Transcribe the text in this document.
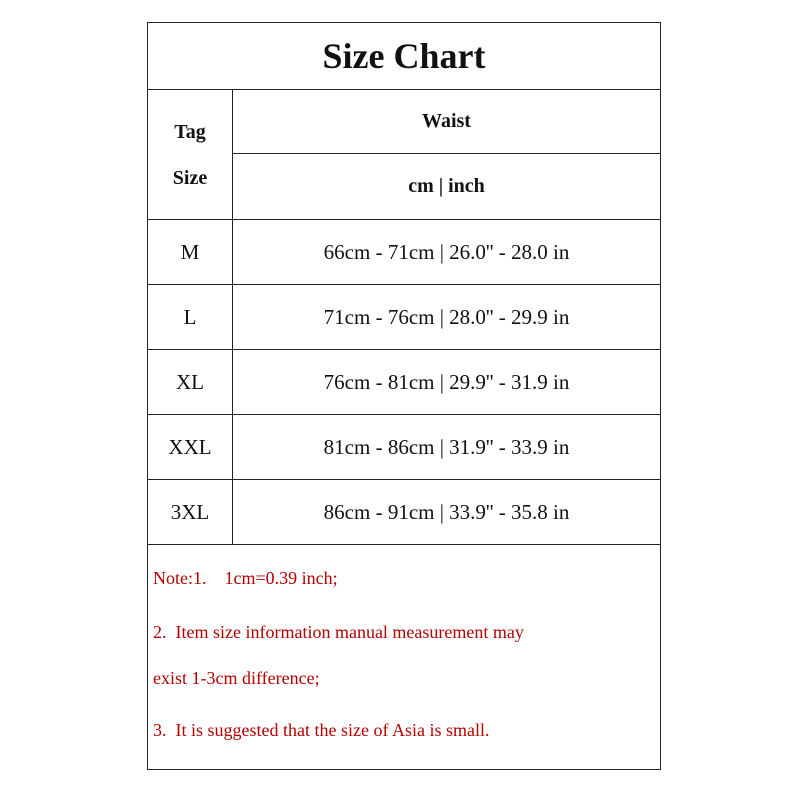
Size Chart
Tag
Size
Waist
cm | inch
M	66cm - 71cm | 26.0'' - 28.0 in
L	71cm - 76cm | 28.0'' - 29.9 in
XL	76cm - 81cm | 29.9'' - 31.9 in
XXL	81cm - 86cm | 31.9'' - 33.9 in
3XL	86cm - 91cm | 33.9'' - 35.8 in
Note:1.    1cm=0.39 inch;
2.  Item size information manual measurement may
exist 1-3cm difference;
3.  It is suggested that the size of Asia is small.
